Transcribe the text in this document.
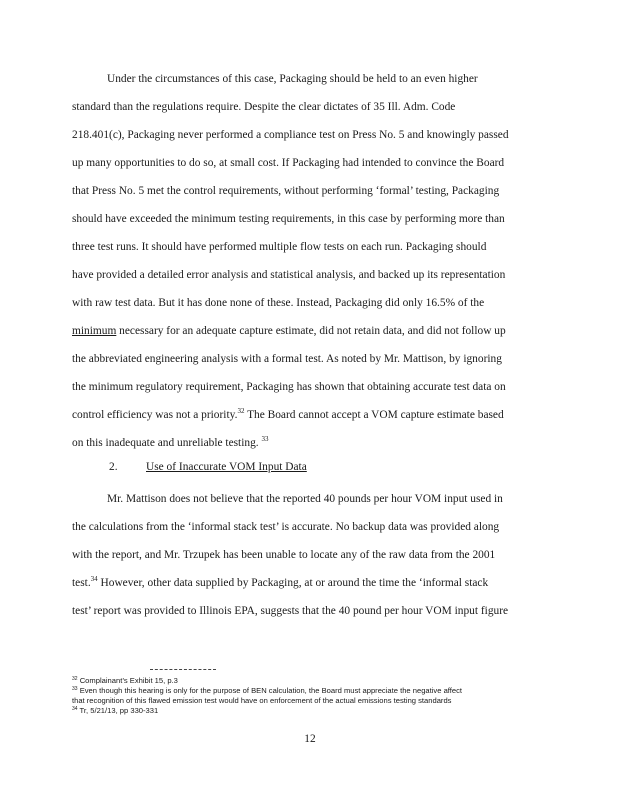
Under the circumstances of this case, Packaging should be held to an even higher
standard than the regulations require. Despite the clear dictates of 35 Ill. Adm. Code
218.401(c), Packaging never performed a compliance test on Press No. 5 and knowingly passed
up many opportunities to do so, at small cost. If Packaging had intended to convince the Board
that Press No. 5 met the control requirements, without performing ‘formal’ testing, Packaging
should have exceeded the minimum testing requirements, in this case by performing more than
three test runs. It should have performed multiple flow tests on each run. Packaging should
have provided a detailed error analysis and statistical analysis, and backed up its representation
with raw test data. But it has done none of these. Instead, Packaging did only 16.5% of the
minimum necessary for an adequate capture estimate, did not retain data, and did not follow up
the abbreviated engineering analysis with a formal test. As noted by Mr. Mattison, by ignoring
the minimum regulatory requirement, Packaging has shown that obtaining accurate test data on
control efficiency was not a priority.$^{32}$ The Board cannot accept a VOM capture estimate based
on this inadequate and unreliable testing. $^{33}$
2. Use of Inaccurate VOM Input Data
Mr. Mattison does not believe that the reported 40 pounds per hour VOM input used in
the calculations from the ‘informal stack test’ is accurate. No backup data was provided along
with the report, and Mr. Trzupek has been unable to locate any of the raw data from the 2001
test.$^{34}$ However, other data supplied by Packaging, at or around the time the ‘informal stack
test’ report was provided to Illinois EPA, suggests that the 40 pound per hour VOM input figure
$^{32}$ Complainant’s Exhibit 15, p.3
$^{33}$ Even though this hearing is only for the purpose of BEN calculation, the Board must appreciate the negative affect
that recognition of this flawed emission test would have on enforcement of the actual emissions testing standards
$^{34}$ Tr, 5/21/13, pp 330-331
12
